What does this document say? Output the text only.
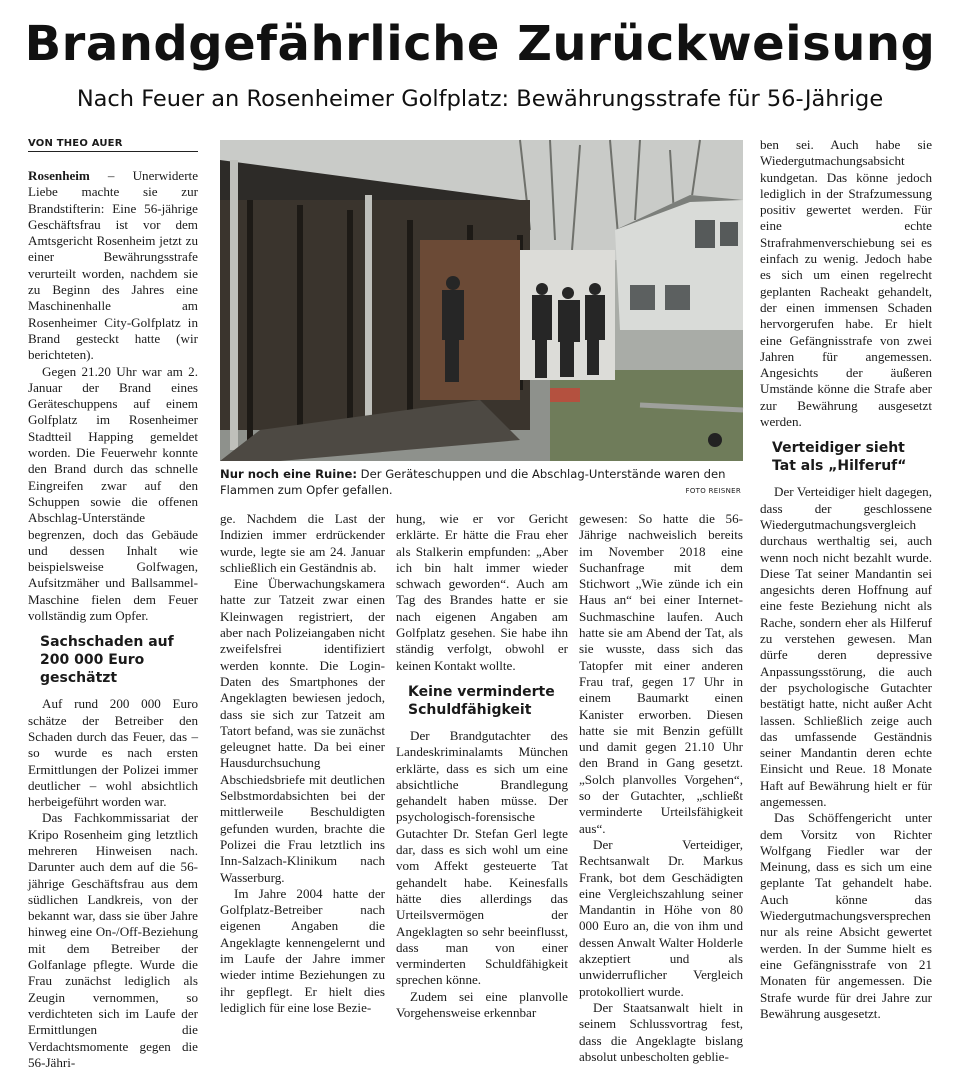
Brandgefährliche Zurückweisung
Nach Feuer an Rosenheimer Golfplatz: Bewährungsstrafe für 56-Jährige
VON THEO AUER

Rosenheim – Unerwiderte Liebe machte sie zur Brandstifterin: Eine 56-jährige Geschäftsfrau ist vor dem Amtsgericht Rosenheim jetzt zu einer Bewährungsstrafe verurteilt worden, nachdem sie zu Beginn des Jahres eine Maschinenhalle am Rosenheimer City-Golfplatz in Brand gesteckt hatte (wir berichteten).

Gegen 21.20 Uhr war am 2. Januar der Brand eines Geräteschuppens auf einem Golfplatz im Rosenheimer Stadtteil Happing gemeldet worden. Die Feuerwehr konnte den Brand durch das schnelle Eingreifen zwar auf den Schuppen sowie die offenen Abschlag-Unterstände begrenzen, doch das Gebäude und dessen Inhalt wie beispielsweise Golfwagen, Aufsitzmäher und Ballsammel-Maschine fielen dem Feuer vollständig zum Opfer.

Sachschaden auf 200 000 Euro geschätzt

Auf rund 200 000 Euro schätze der Betreiber den Schaden durch das Feuer, das – so wurde es nach ersten Ermittlungen der Polizei immer deutlicher – wohl absichtlich herbeigeführt worden war.

Das Fachkommissariat der Kripo Rosenheim ging letztlich mehreren Hinweisen nach. Darunter auch dem auf die 56-jährige Geschäftsfrau aus dem südlichen Landkreis, von der bekannt war, dass sie über Jahre hinweg eine On-/Off-Beziehung mit dem Betreiber der Golfanlage pflegte. Wurde die Frau zunächst lediglich als Zeugin vernommen, so verdichteten sich im Laufe der Ermittlungen die Verdachtsmomente gegen die 56-Jähri-

Nur noch eine Ruine: Der Geräteschuppen und die Abschlag-Unterstände waren den Flammen zum Opfer gefallen.	FOTO REISNER

ge. Nachdem die Last der Indizien immer erdrückender wurde, legte sie am 24. Januar schließlich ein Geständnis ab.

Eine Überwachungskamera hatte zur Tatzeit zwar einen Kleinwagen registriert, der aber nach Polizeiangaben nicht zweifelsfrei identifiziert werden konnte. Die Login-Daten des Smartphones der Angeklagten bewiesen jedoch, dass sie sich zur Tatzeit am Tatort befand, was sie zunächst geleugnet hatte. Da bei einer Hausdurchsuchung Abschiedsbriefe mit deutlichen Selbstmordabsichten bei der mittlerweile Beschuldigten gefunden wurden, brachte die Polizei die Frau letztlich ins Inn-Salzach-Klinikum nach Wasserburg.

Im Jahre 2004 hatte der Golfplatz-Betreiber nach eigenen Angaben die Angeklagte kennengelernt und im Laufe der Jahre immer wieder intime Beziehungen zu ihr gepflegt. Er hielt dies lediglich für eine lose Bezie-

hung, wie er vor Gericht erklärte. Er hätte die Frau eher als Stalkerin empfunden: „Aber ich bin halt immer wieder schwach geworden“. Auch am Tag des Brandes hatte er sie nach eigenen Angaben am Golfplatz gesehen. Sie habe ihn ständig verfolgt, obwohl er keinen Kontakt wollte.

Keine verminderte Schuldfähigkeit

Der Brandgutachter des Landeskriminalamts München erklärte, dass es sich um eine absichtliche Brandlegung gehandelt haben müsse. Der psychologisch-forensische Gutachter Dr. Stefan Gerl legte dar, dass es sich wohl um eine vom Affekt gesteuerte Tat gehandelt habe. Keinesfalls hätte dies allerdings das Urteilsvermögen der Angeklagten so sehr beeinflusst, dass man von einer verminderten Schuldfähigkeit sprechen könne.

Zudem sei eine planvolle Vorgehensweise erkennbar

gewesen: So hatte die 56-Jährige nachweislich bereits im November 2018 eine Suchanfrage mit dem Stichwort „Wie zünde ich ein Haus an“ bei einer Internet-Suchmaschine laufen. Auch hatte sie am Abend der Tat, als sie wusste, dass sich das Tatopfer mit einer anderen Frau traf, gegen 17 Uhr in einem Baumarkt einen Kanister erworben. Diesen hatte sie mit Benzin gefüllt und damit gegen 21.10 Uhr den Brand in Gang gesetzt. „Solch planvolles Vorgehen“, so der Gutachter, „schließt verminderte Urteilsfähigkeit aus“.

Der Verteidiger, Rechtsanwalt Dr. Markus Frank, bot dem Geschädigten eine Vergleichszahlung seiner Mandantin in Höhe von 80 000 Euro an, die von ihm und dessen Anwalt Walter Holderle akzeptiert und als unwiderruflicher Vergleich protokolliert wurde.

Der Staatsanwalt hielt in seinem Schlussvortrag fest, dass die Angeklagte bislang absolut unbescholten geblie-

ben sei. Auch habe sie Wiedergutmachungsabsicht kundgetan. Das könne jedoch lediglich in der Strafzumessung positiv gewertet werden. Für eine echte Strafrahmenverschiebung sei es einfach zu wenig. Jedoch habe es sich um einen regelrecht geplanten Racheakt gehandelt, der einen immensen Schaden hervorgerufen habe. Er hielt eine Gefängnisstrafe von zwei Jahren für angemessen. Angesichts der äußeren Umstände könne die Strafe aber zur Bewährung ausgesetzt werden.

Verteidiger sieht Tat als „Hilferuf“

Der Verteidiger hielt dagegen, dass der geschlossene Wiedergutmachungsvergleich durchaus werthaltig sei, auch wenn noch nicht bezahlt wurde. Diese Tat seiner Mandantin sei angesichts deren Hoffnung auf eine feste Beziehung nicht als Rache, sondern eher als Hilferuf zu verstehen gewesen. Man dürfe deren depressive Anpassungsstörung, die auch der psychologische Gutachter bestätigt hatte, nicht außer Acht lassen. Schließlich zeige auch das umfassende Geständnis seiner Mandantin deren echte Einsicht und Reue. 18 Monate Haft auf Bewährung hielt er für angemessen.

Das Schöffengericht unter dem Vorsitz von Richter Wolfgang Fiedler war der Meinung, dass es sich um eine geplante Tat gehandelt habe. Auch könne das Wiedergutmachungsversprechen nur als reine Absicht gewertet werden. In der Summe hielt es eine Gefängnisstrafe von 21 Monaten für angemessen. Die Strafe wurde für drei Jahre zur Bewährung ausgesetzt.
